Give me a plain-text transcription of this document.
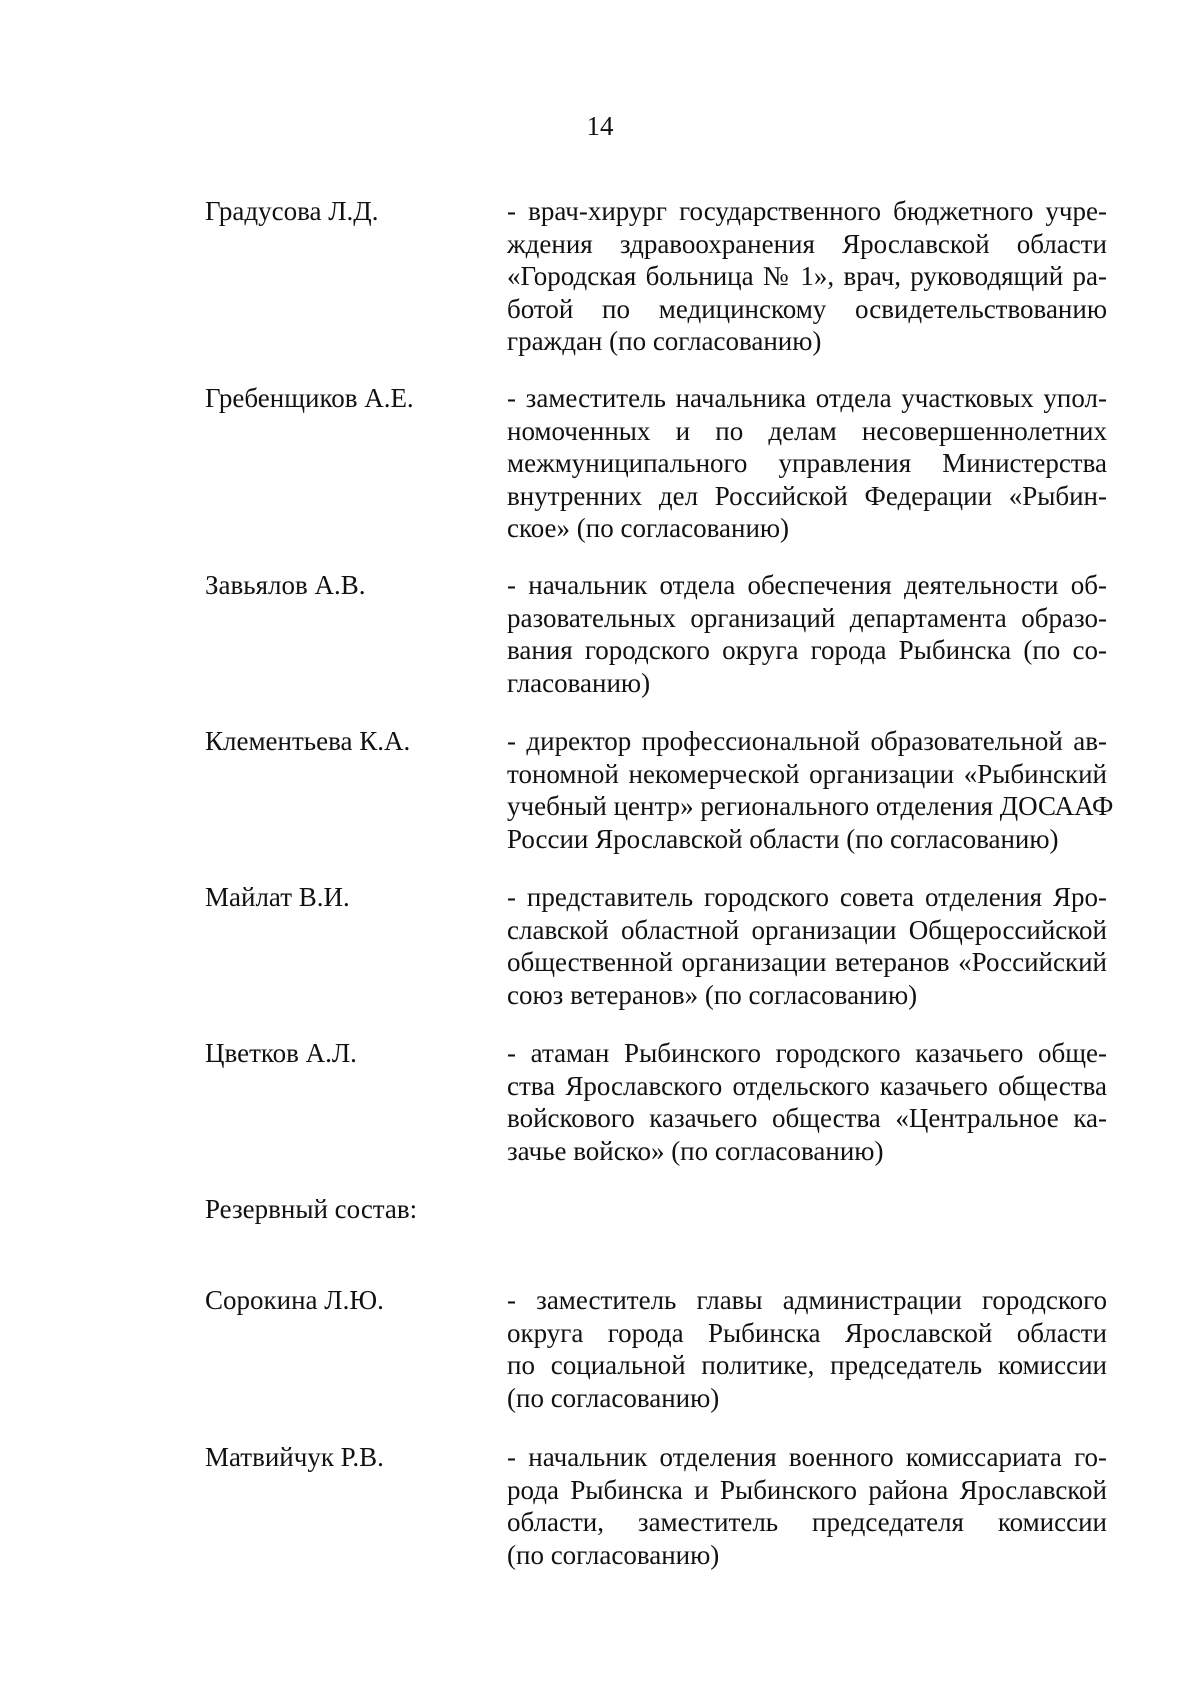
14
Градусова Л.Д.	- врач-хирург государственного бюджетного учре-
ждения здравоохранения Ярославской области
«Городская больница № 1», врач, руководящий ра-
ботой по медицинскому освидетельствованию
граждан (по согласованию)
Гребенщиков А.Е.	- заместитель начальника отдела участковых упол-
номоченных и по делам несовершеннолетних
межмуниципального управления Министерства
внутренних дел Российской Федерации «Рыбин-
ское» (по согласованию)
Завьялов А.В.	- начальник отдела обеспечения деятельности об-
разовательных организаций департамента образо-
вания городского округа города Рыбинска (по со-
гласованию)
Клементьева К.А.	- директор профессиональной образовательной ав-
тономной некомерческой организации «Рыбинский
учебный центр» регионального отделения ДОСААФ
России Ярославской области (по согласованию)
Майлат В.И.	- представитель городского совета отделения Яро-
славской областной организации Общероссийской
общественной организации ветеранов «Российский
союз ветеранов» (по согласованию)
Цветков А.Л.	- атаман Рыбинского городского казачьего обще-
ства Ярославского отдельского казачьего общества
войскового казачьего общества «Центральное ка-
зачье войско» (по согласованию)
Резервный состав:
Сорокина Л.Ю.	- заместитель главы администрации городского
округа города Рыбинска Ярославской области
по социальной политике, председатель комиссии
(по согласованию)
Матвийчук Р.В.	- начальник отделения военного комиссариата го-
рода Рыбинска и Рыбинского района Ярославской
области, заместитель председателя комиссии
(по согласованию)
